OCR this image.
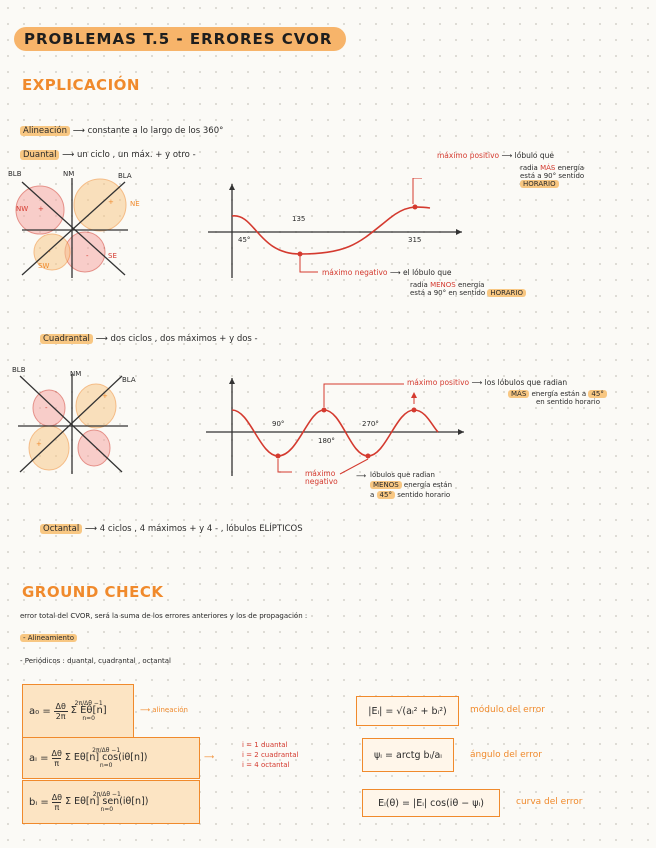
PROBLEMAS T.5 - ERRORES CVOR
EXPLICACIÓN
Alineación ⟶ constante a lo largo de los 360°
Duantal ⟶ un ciclo , un máx. + y otro -
BLB	NM	BLA
NW
NE
SW
SE
+
+
-
-
45°
135
315
máximo positivo ⟶ lóbulo que
radia MÁS energía
está a 90° sentido
HORARIO
máximo negativo ⟶ el lóbulo que
radia MENOS energía
está a 90° en sentido HORARIO
Cuadrantal ⟶ dos ciclos , dos máximos + y dos -
BLB	NM
BLA
+
+
-
-
90°
180°
270°
máximo positivo ⟶ los lóbulos que radian
MÁS energía están a 45°
en sentido horario
máximo
negativo
⟶ lóbulos que radian
MENOS energía están
a 45° sentido horario
Octantal ⟶ 4 ciclos , 4 máximos + y 4 - , lóbulos ELÍPTICOS
GROUND CHECK
error total del CVOR, será la suma de los errores anteriores y los de propagación :
- Alineamiento
- Periódicos : duantal, cuadrantal , octantal
$a_0 = \frac{\Delta\theta}{2\pi}$	2π/Δθ −1
Σ Eθ[n]
n=0
⟶ alineación
aᵢ = $\frac{\Delta\theta}{\pi}$	2π/Δθ −1
Σ Eθ[n] cos(iθ[n])
n=0
⟶
i = 1 duantal
i = 2 cuadrantal
i = 4 octantal
bᵢ = $\frac{\Delta\theta}{\pi}$	2π/Δθ −1
Σ Eθ[n] sen(iθ[n])
n=0
|Eᵢ| = √(aᵢ² + bᵢ²)	módulo del error
ψᵢ = arctg bᵢ/aᵢ	ángulo del error
Eᵢ(θ) = |Eᵢ| cos(iθ − ψᵢ)	curva del error
